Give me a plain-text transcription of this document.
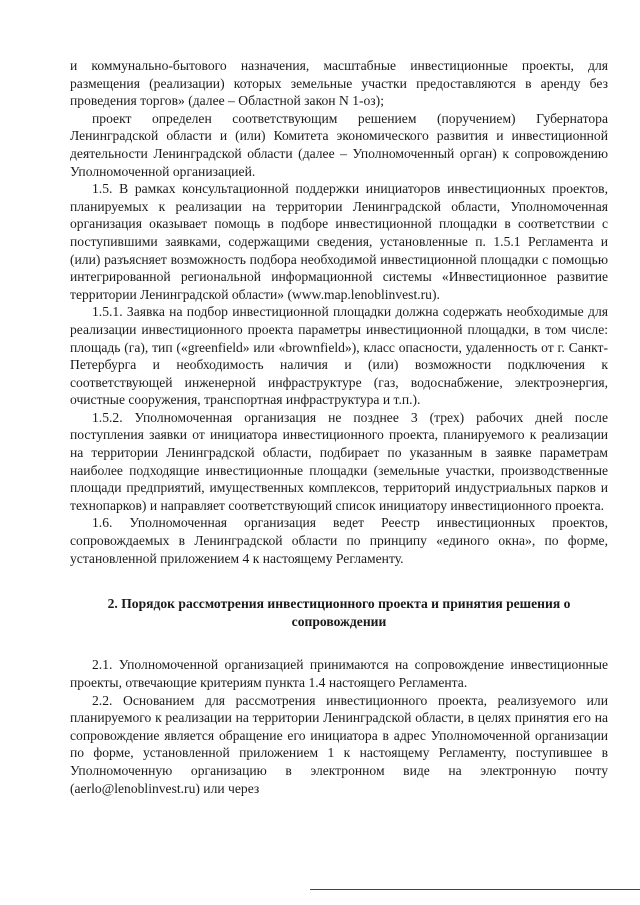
и коммунально-бытового назначения, масштабные инвестиционные проекты, для размещения (реализации) которых земельные участки предоставляются в аренду без проведения торгов» (далее – Областной закон N 1-оз);

проект определен соответствующим решением (поручением) Губернатора Ленинградской области и (или) Комитета экономического развития и инвестиционной деятельности Ленинградской области (далее – Уполномоченный орган) к сопровождению Уполномоченной организацией.

1.5. В рамках консультационной поддержки инициаторов инвестиционных проектов, планируемых к реализации на территории Ленинградской области, Уполномоченная организация оказывает помощь в подборе инвестиционной площадки в соответствии с поступившими заявками, содержащими сведения, установленные п. 1.5.1 Регламента и (или) разъясняет возможность подбора необходимой инвестиционной площадки с помощью интегрированной региональной информационной системы «Инвестиционное развитие территории Ленинградской области» (www.map.lenoblinvest.ru).

1.5.1. Заявка на подбор инвестиционной площадки должна содержать необходимые для реализации инвестиционного проекта параметры инвестиционной площадки, в том числе: площадь (га), тип («greenfield» или «brownfield»), класс опасности, удаленность от г. Санкт-Петербурга и необходимость наличия и (или) возможности подключения к соответствующей инженерной инфраструктуре (газ, водоснабжение, электроэнергия, очистные сооружения, транспортная инфраструктура и т.п.).

1.5.2. Уполномоченная организация не позднее 3 (трех) рабочих дней после поступления заявки от инициатора инвестиционного проекта, планируемого к реализации на территории Ленинградской области, подбирает по указанным в заявке параметрам наиболее подходящие инвестиционные площадки (земельные участки, производственные площади предприятий, имущественных комплексов, территорий индустриальных парков и технопарков) и направляет соответствующий список инициатору инвестиционного проекта.

1.6. Уполномоченная организация ведет Реестр инвестиционных проектов, сопровождаемых в Ленинградской области по принципу «единого окна», по форме, установленной приложением 4 к настоящему Регламенту.

2. Порядок рассмотрения инвестиционного проекта и принятия решения о сопровождении

2.1. Уполномоченной организацией принимаются на сопровождение инвестиционные проекты, отвечающие критериям пункта 1.4 настоящего Регламента.

2.2. Основанием для рассмотрения инвестиционного проекта, реализуемого или планируемого к реализации на территории Ленинградской области, в целях принятия его на сопровождение является обращение его инициатора в адрес Уполномоченной организации по форме, установленной приложением 1 к настоящему Регламенту, поступившее в Уполномоченную организацию в электронном виде на электронную почту (aerlo@lenoblinvest.ru) или через
